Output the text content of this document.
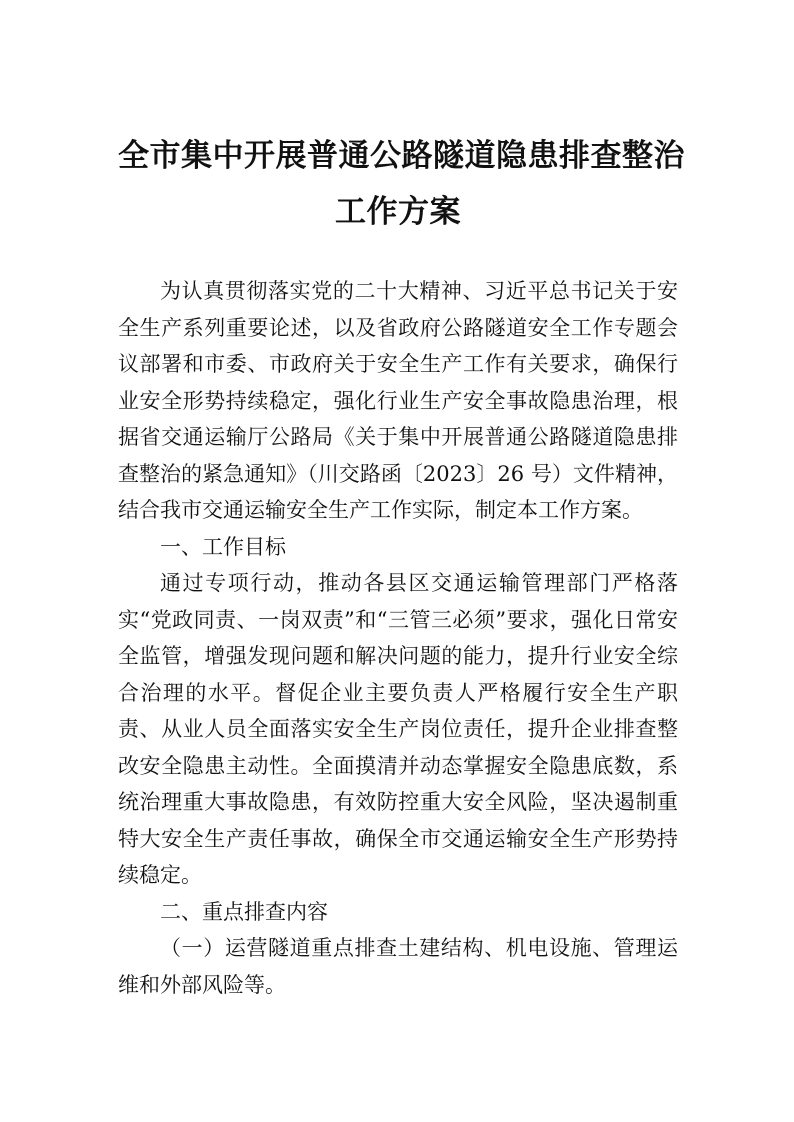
全市集中开展普通公路隧道隐患排查整治
工作方案

为认真贯彻落实党的二十大精神、习近平总书记关于安全生产系列重要论述，以及省政府公路隧道安全工作专题会议部署和市委、市政府关于安全生产工作有关要求，确保行业安全形势持续稳定，强化行业生产安全事故隐患治理，根据省交通运输厅公路局《关于集中开展普通公路隧道隐患排查整治的紧急通知》（川交路函〔2023〕26 号）文件精神，结合我市交通运输安全生产工作实际，制定本工作方案。

一、工作目标

通过专项行动，推动各县区交通运输管理部门严格落实“党政同责、一岗双责”和“三管三必须”要求，强化日常安全监管，增强发现问题和解决问题的能力，提升行业安全综合治理的水平。督促企业主要负责人严格履行安全生产职责、从业人员全面落实安全生产岗位责任，提升企业排查整改安全隐患主动性。全面摸清并动态掌握安全隐患底数，系统治理重大事故隐患，有效防控重大安全风险，坚决遏制重特大安全生产责任事故，确保全市交通运输安全生产形势持续稳定。

二、重点排查内容

（一）运营隧道重点排查土建结构、机电设施、管理运维和外部风险等。
